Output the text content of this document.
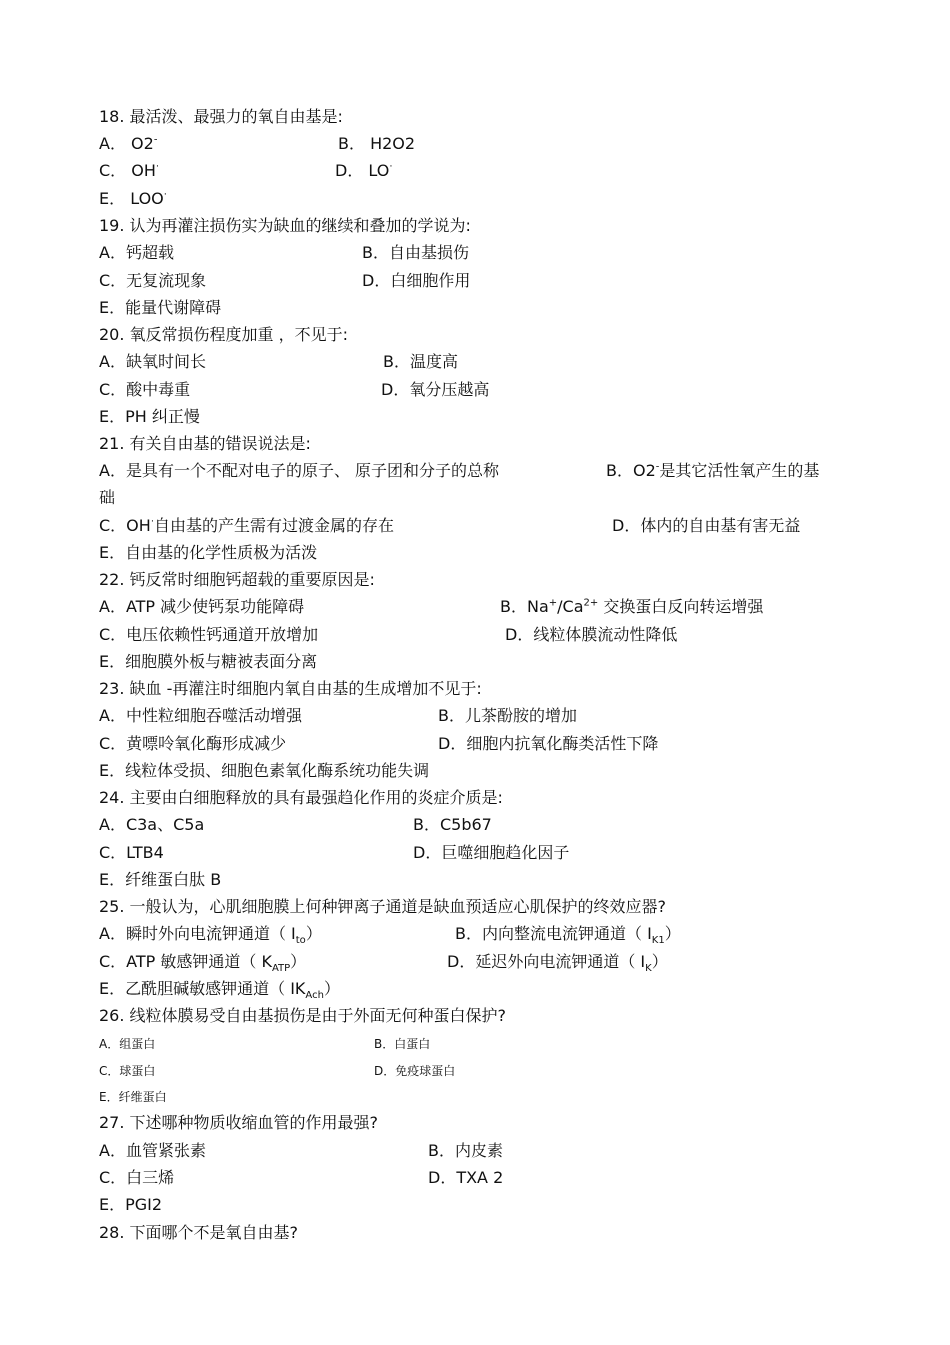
18. 最活泼、最强力的氧自由基是:
A． O2-	B． H2O2
C． OH·	D． LO·
E． LOO·
19. 认为再灌注损伤实为缺血的继续和叠加的学说为:
A．钙超载	B．自由基损伤
C．无复流现象	D．白细胞作用
E．能量代谢障碍
20. 氧反常损伤程度加重 ，不见于:
A．缺氧时间长	B．温度高
C．酸中毒重	D．氧分压越高
E．PH 纠正慢
21. 有关自由基的错误说法是:
A．是具有一个不配对电子的原子、 原子团和分子的总称	B．O2-是其它活性氧产生的基
础
C．OH·自由基的产生需有过渡金属的存在	D．体内的自由基有害无益
E．自由基的化学性质极为活泼
22. 钙反常时细胞钙超载的重要原因是:
A．ATP 减少使钙泵功能障碍	B．$Na^+/Ca^{2+}$ 交换蛋白反向转运增强
C．电压依赖性钙通道开放增加	D．线粒体膜流动性降低
E．细胞膜外板与糖被表面分离
23. 缺血 -再灌注时细胞内氧自由基的生成增加不见于:
A．中性粒细胞吞噬活动增强	B．儿茶酚胺的增加
C．黄嘌呤氧化酶形成减少	D．细胞内抗氧化酶类活性下降
E．线粒体受损、细胞色素氧化酶系统功能失调
24. 主要由白细胞释放的具有最强趋化作用的炎症介质是:
A．C3a、C5a	B．C5b67
C．LTB4	D．巨噬细胞趋化因子
E．纤维蛋白肽 B
25. 一般认为，心肌细胞膜上何种钾离子通道是缺血预适应心肌保护的终效应器?
A．瞬时外向电流钾通道（ $I_{to}$）	B．内向整流电流钾通道（ $I_{K1}$）
C．ATP 敏感钾通道（ $K_{ATP}$）	D．延迟外向电流钾通道（ $I_K$）
E．乙酰胆碱敏感钾通道（ $IK_{Ach}$）
26. 线粒体膜易受自由基损伤是由于外面无何种蛋白保护?
A．组蛋白	B．白蛋白
C．球蛋白	D．免疫球蛋白
E．纤维蛋白
27. 下述哪种物质收缩血管的作用最强?
A．血管紧张素	B．内皮素
C．白三烯	D．TXA 2
E．PGI2
28. 下面哪个不是氧自由基?
